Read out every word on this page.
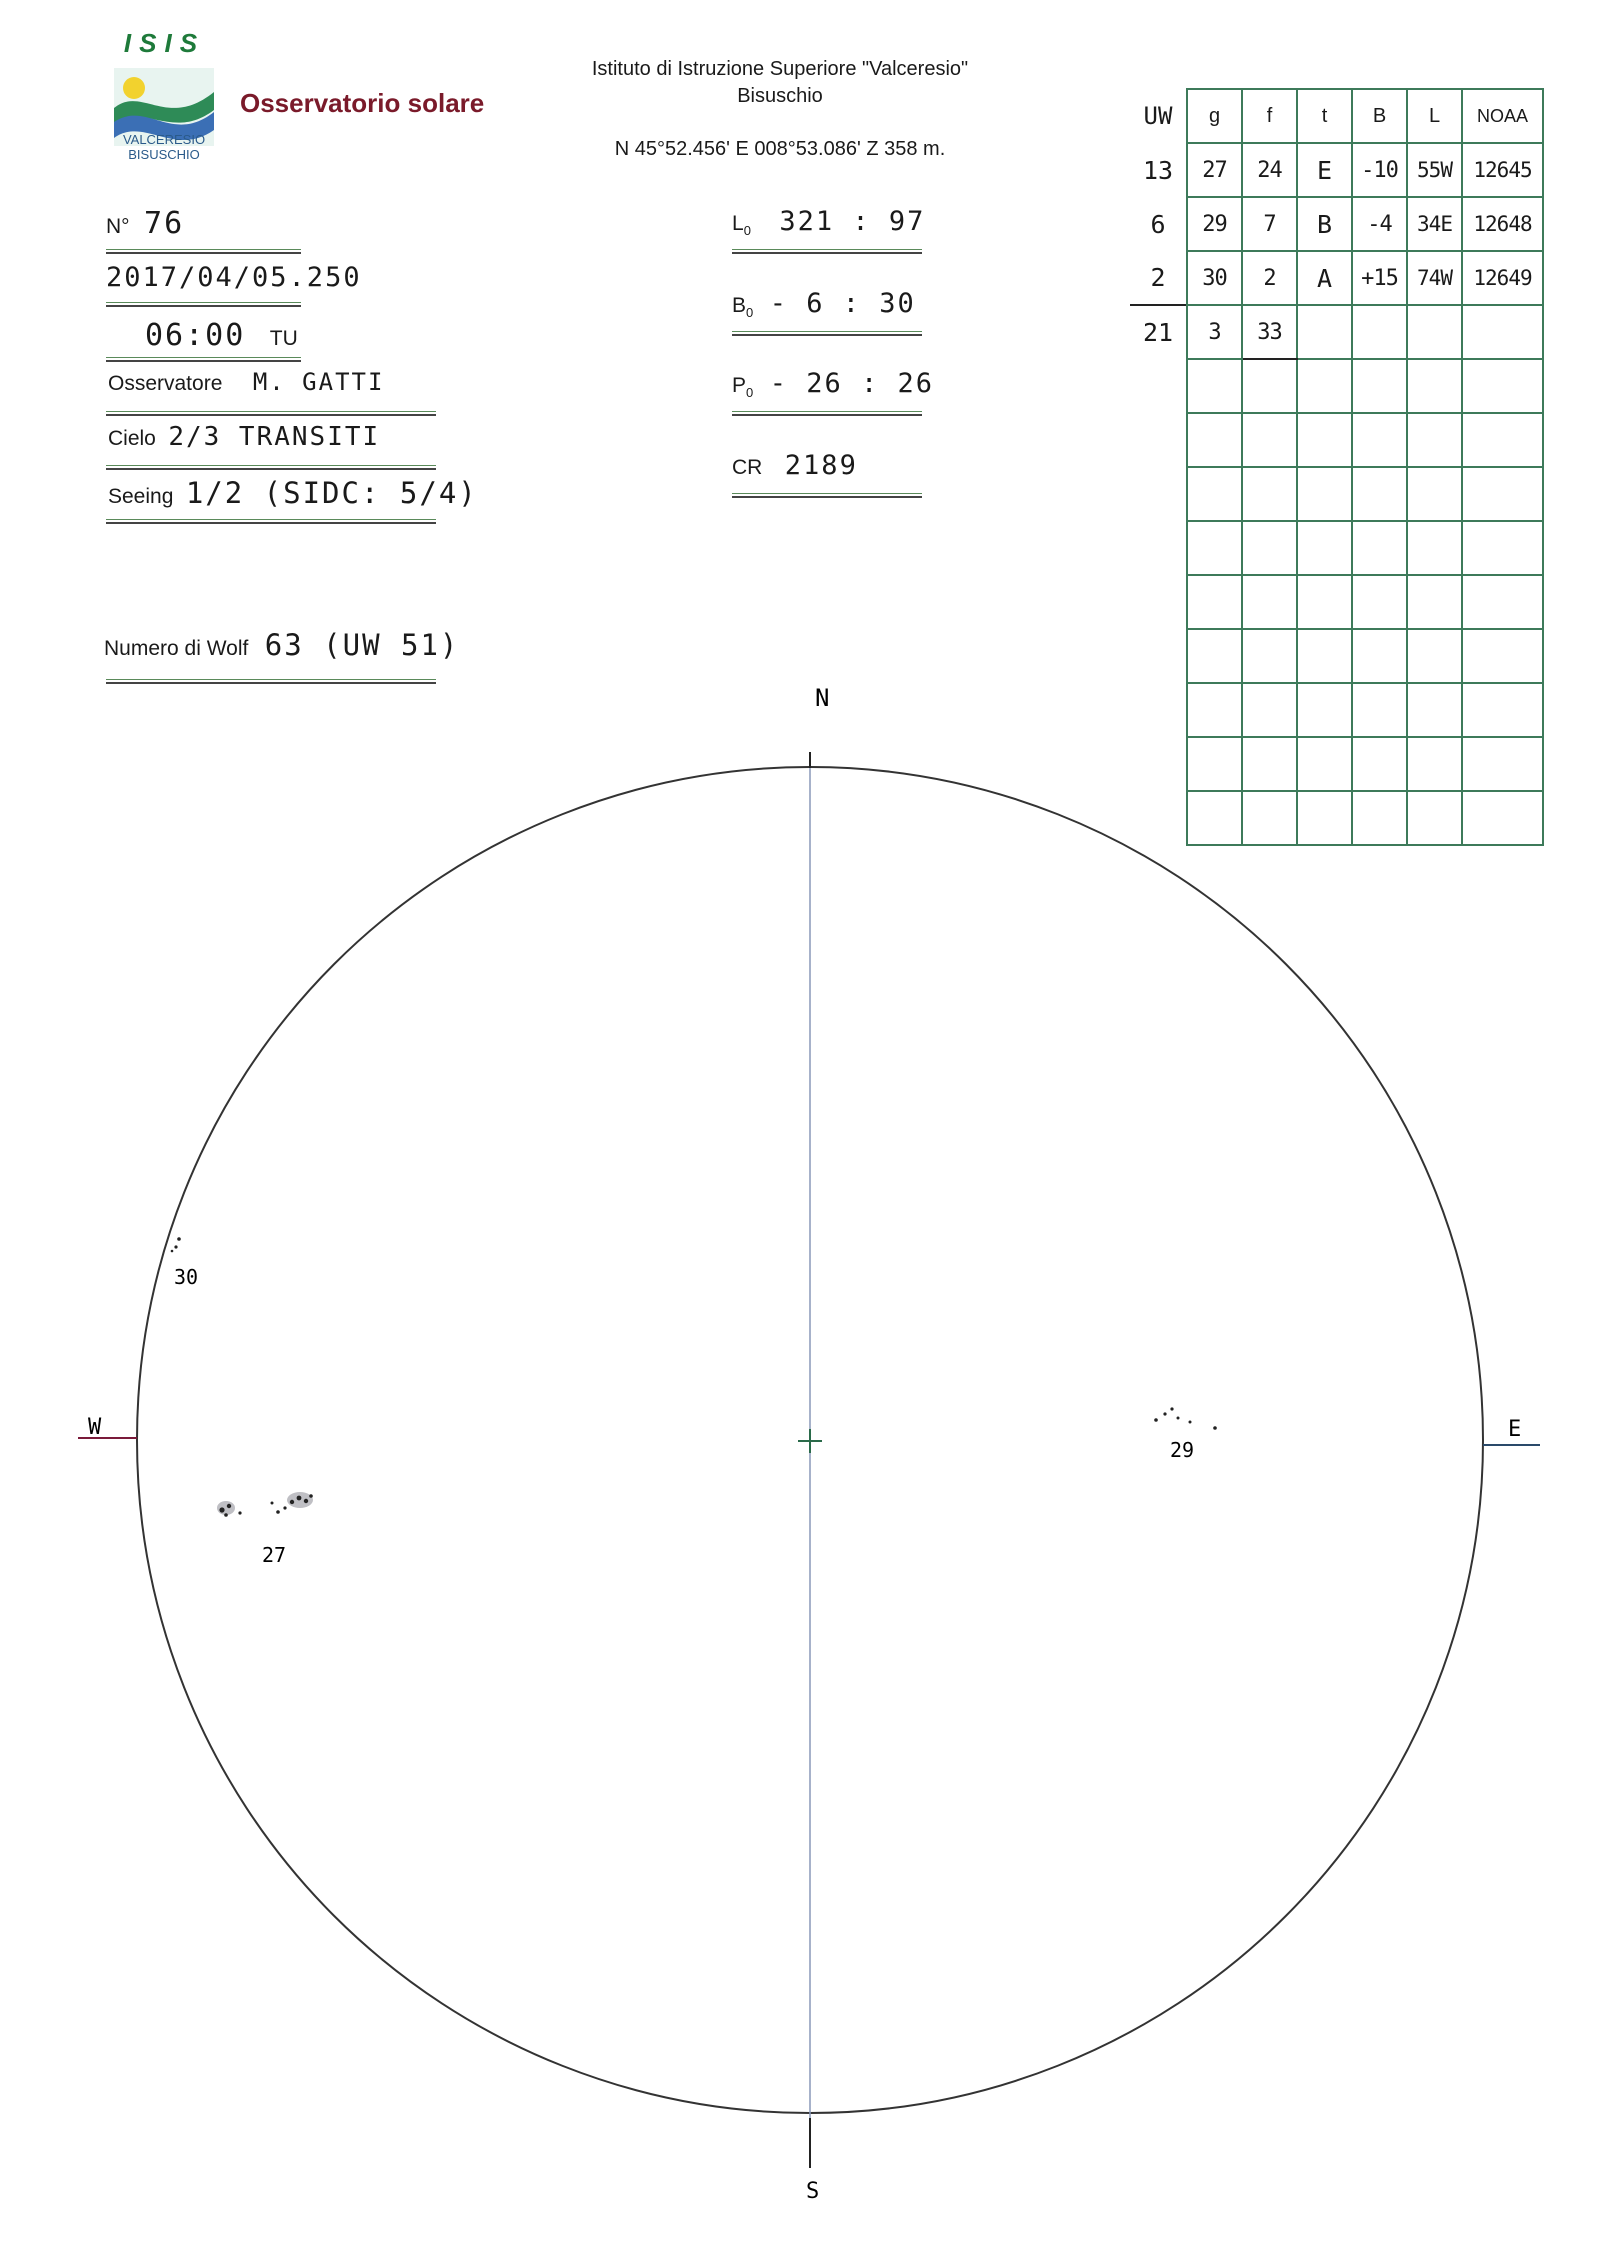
ISIS
VALCERESIO
BISUSCHIO
Osservatorio solare
Istituto di Istruzione Superiore "Valceresio"
Bisuschio
N 45°52.456' E 008°53.086' Z 358 m.
N° 76
2017/04/05.250
06:00 TU
Osservatore M. GATTI
Cielo 2/3 TRANSITI
Seeing 1/2 (SIDC: 5/4)
Numero di Wolf 63 (UW 51)
$L_0$ 321 : 97
$B_0 - 6$ : 30
$P_0 - 26$ : 26
CR 2189
UW	g	f	t	B	L	NOAA
13	27	24	E	-10	55W	12645
6	29	7	B	-4	34E	12648
2	30	2	A	+15	74W	12649
21	3	33				

N
S
E
W
30
29
27
